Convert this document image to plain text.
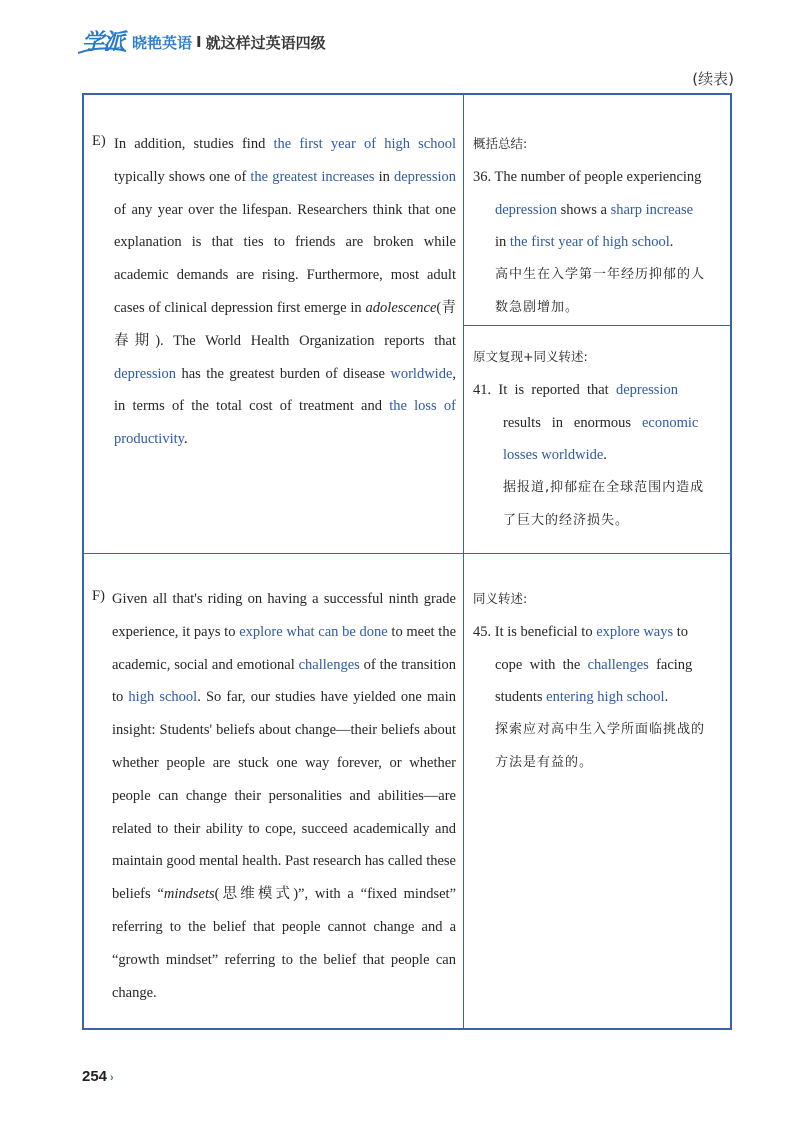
学派 晓艳英语 I 就这样过英语四级
(续表)
E) In addition, studies find the first year of high school typically shows one of the greatest increases in depression of any year over the lifespan. Researchers think that one explanation is that ties to friends are broken while academic demands are rising. Furthermore, most adult cases of clinical depression first emerge in adolescence(青春期). The World Health Organization reports that depression has the greatest burden of disease worldwide, in terms of the total cost of treatment and the loss of productivity.

F) Given all that's riding on having a successful ninth grade experience, it pays to explore what can be done to meet the academic, social and emotional challenges of the transition to high school. So far, our studies have yielded one main insight: Students' beliefs about change—their beliefs about whether people are stuck one way forever, or whether people can change their personalities and abilities—are related to their ability to cope, succeed academically and maintain good mental health. Past research has called these beliefs “mindsets(思维模式)”, with a “fixed mindset” referring to the belief that people cannot change and a “growth mindset” referring to the belief that people can change.

概括总结:
36. The number of people experiencing
depression shows a sharp increase
in the first year of high school.
高中生在入学第一年经历抑郁的人
数急剧增加。
原文复现+同义转述:
41.  It  is  reported  that  depression
results   in   enormous   economic
losses worldwide.
据报道,抑郁症在全球范围内造成
了巨大的经济损失。
同义转述:
45. It is beneficial to explore ways to
cope  with  the  challenges  facing
students entering high school.
探索应对高中生入学所面临挑战的
方法是有益的。
254 ›
